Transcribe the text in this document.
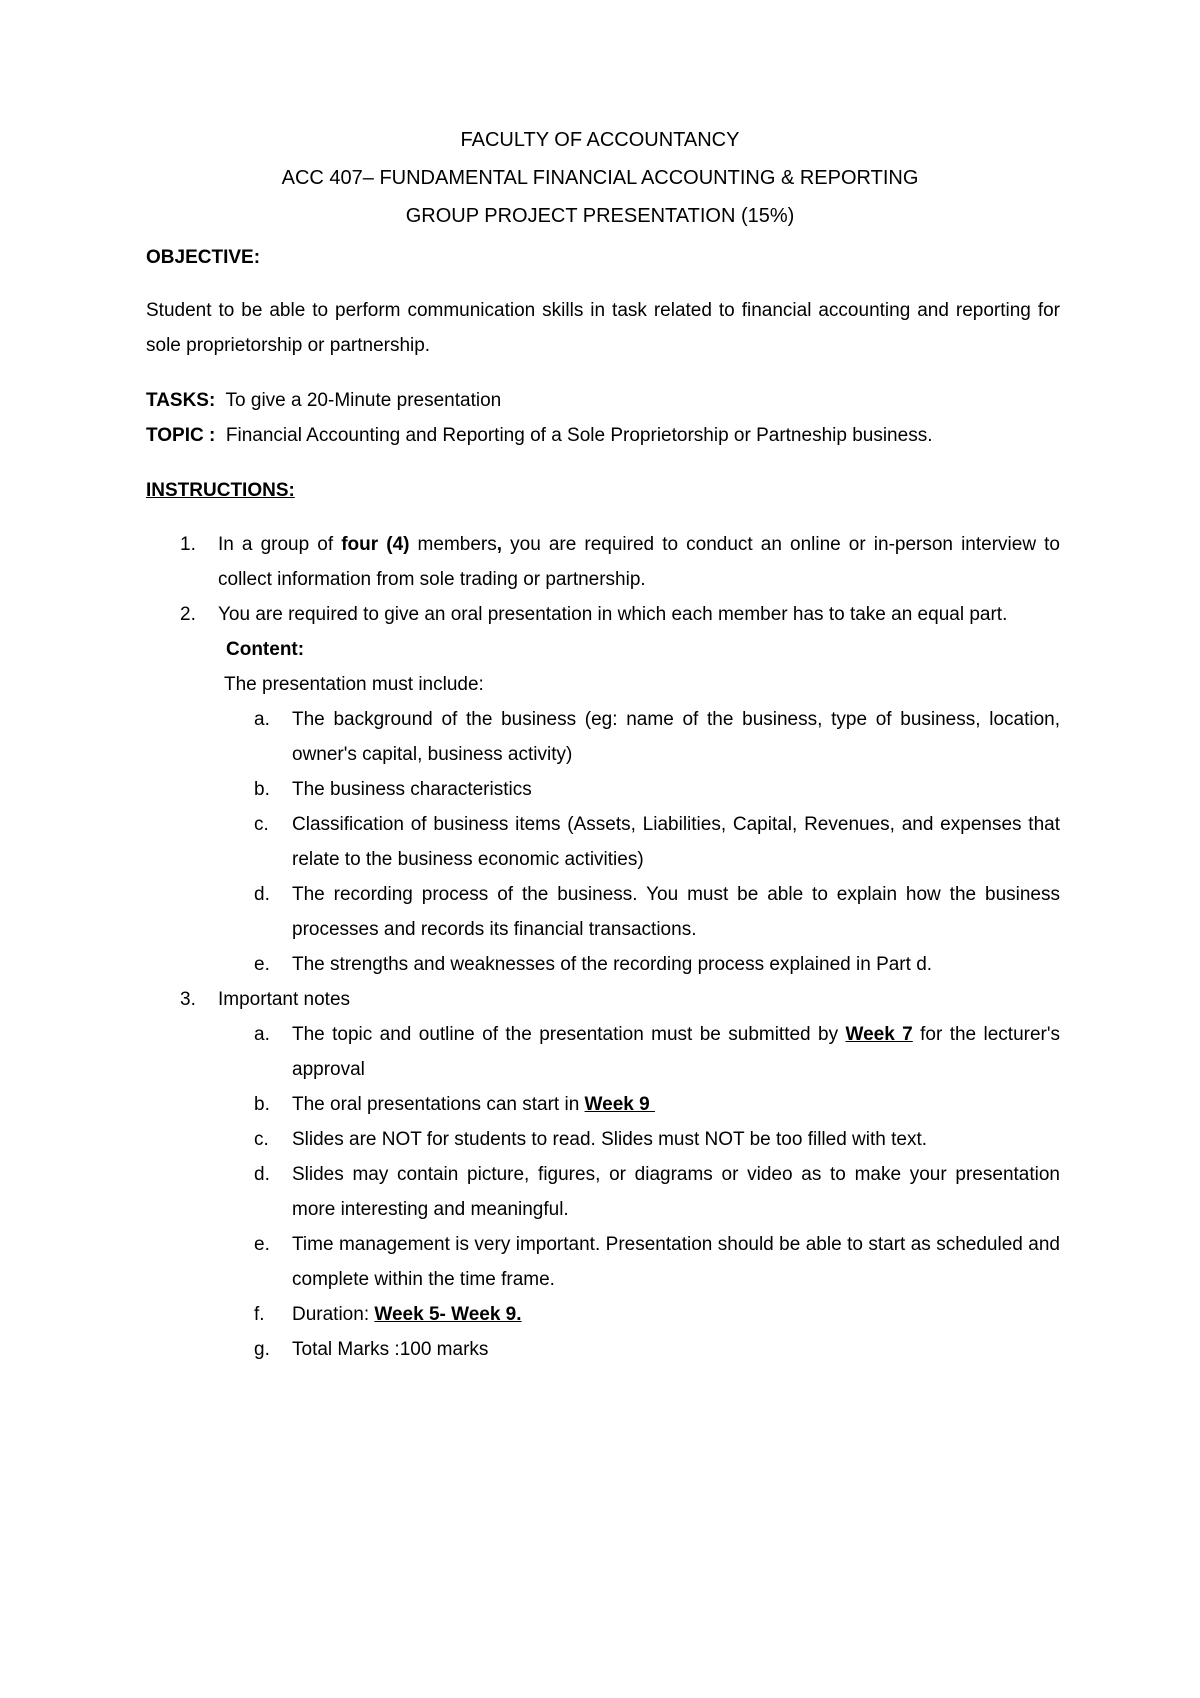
FACULTY OF ACCOUNTANCY
ACC 407– FUNDAMENTAL FINANCIAL ACCOUNTING & REPORTING
GROUP PROJECT PRESENTATION (15%)
OBJECTIVE:
Student to be able to perform communication skills in task related to financial accounting and reporting for sole proprietorship or partnership.
TASKS: To give a 20-Minute presentation
TOPIC : Financial Accounting and Reporting of a Sole Proprietorship or Partneship business.
INSTRUCTIONS:
1. In a group of four (4) members, you are required to conduct an online or in-person interview to collect information from sole trading or partnership.
2. You are required to give an oral presentation in which each member has to take an equal part.
Content:
The presentation must include:
a. The background of the business (eg: name of the business, type of business, location, owner's capital, business activity)
b. The business characteristics
c. Classification of business items (Assets, Liabilities, Capital, Revenues, and expenses that relate to the business economic activities)
d. The recording process of the business. You must be able to explain how the business processes and records its financial transactions.
e. The strengths and weaknesses of the recording process explained in Part d.
3. Important notes
a. The topic and outline of the presentation must be submitted by Week 7 for the lecturer's approval
b. The oral presentations can start in Week 9
c. Slides are NOT for students to read. Slides must NOT be too filled with text.
d. Slides may contain picture, figures, or diagrams or video as to make your presentation more interesting and meaningful.
e. Time management is very important. Presentation should be able to start as scheduled and complete within the time frame.
f. Duration: Week 5- Week 9.
g. Total Marks :100 marks
